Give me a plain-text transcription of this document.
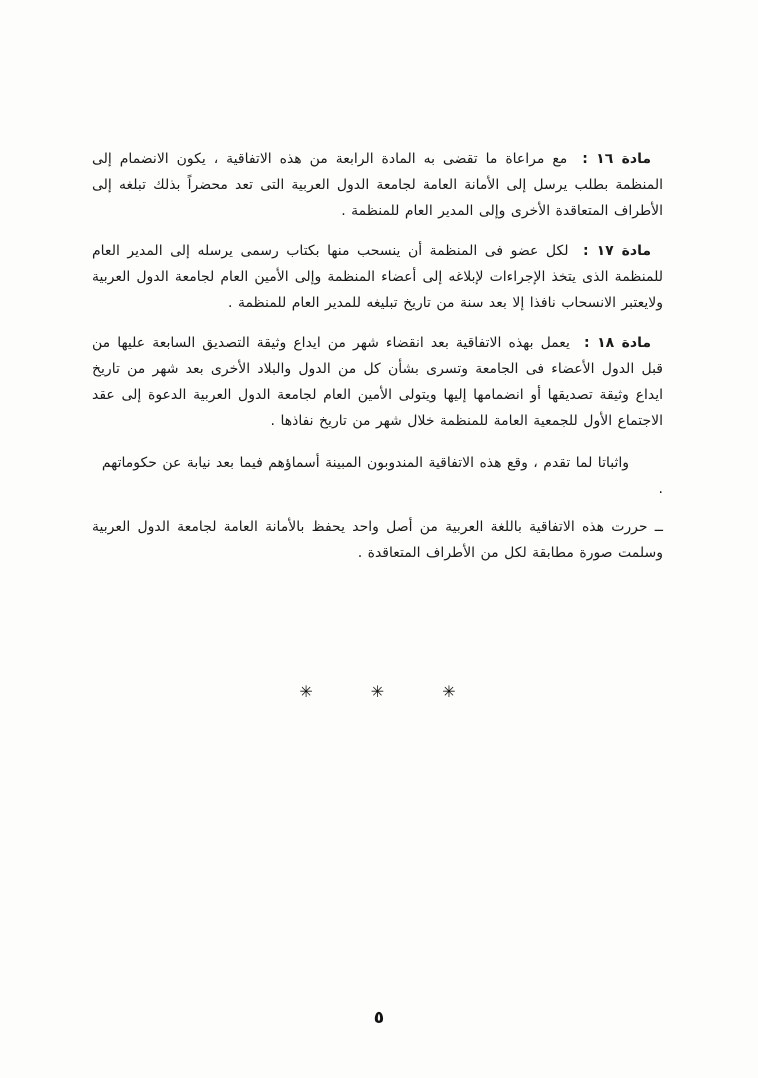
مادة ١٦ : مع مراعاة ما تقضى به المادة الرابعة من هذه الاتفاقية ، يكون الانضمام إلى المنظمة بطلب يرسل إلى الأمانة العامة لجامعة الدول العربية التى تعد محضراً بذلك تبلغه إلى الأطراف المتعاقدة الأخرى وإلى المدير العام للمنظمة .

مادة ١٧ : لكل عضو فى المنظمة أن ينسحب منها بكتاب رسمى يرسله إلى المدير العام للمنظمة الذى يتخذ الإجراءات لإبلاغه إلى أعضاء المنظمة وإلى الأمين العام لجامعة الدول العربية ولايعتبر الانسحاب نافذا إلا بعد سنة من تاريخ تبليغه للمدير العام للمنظمة .

مادة ١٨ : يعمل بهذه الاتفاقية بعد انقضاء شهر من ايداع وثيقة التصديق السابعة عليها من قبل الدول الأعضاء فى الجامعة وتسرى بشأن كل من الدول والبلاد الأخرى بعد شهر من تاريخ ايداع وثيقة تصديقها أو انضمامها إليها ويتولى الأمين العام لجامعة الدول العربية الدعوة إلى عقد الاجتماع الأول للجمعية العامة للمنظمة خلال شهر من تاريخ نفاذها .

واثباتا لما تقدم ، وقع هذه الاتفاقية المندوبون المبينة أسماؤهم فيما بعد نيابة عن حكوماتهم .

ــ حررت هذه الاتفاقية باللغة العربية من أصل واحد يحفظ بالأمانة العامة لجامعة الدول العربية وسلمت صورة مطابقة لكل من الأطراف المتعاقدة .

✳
✳
✳
٥
